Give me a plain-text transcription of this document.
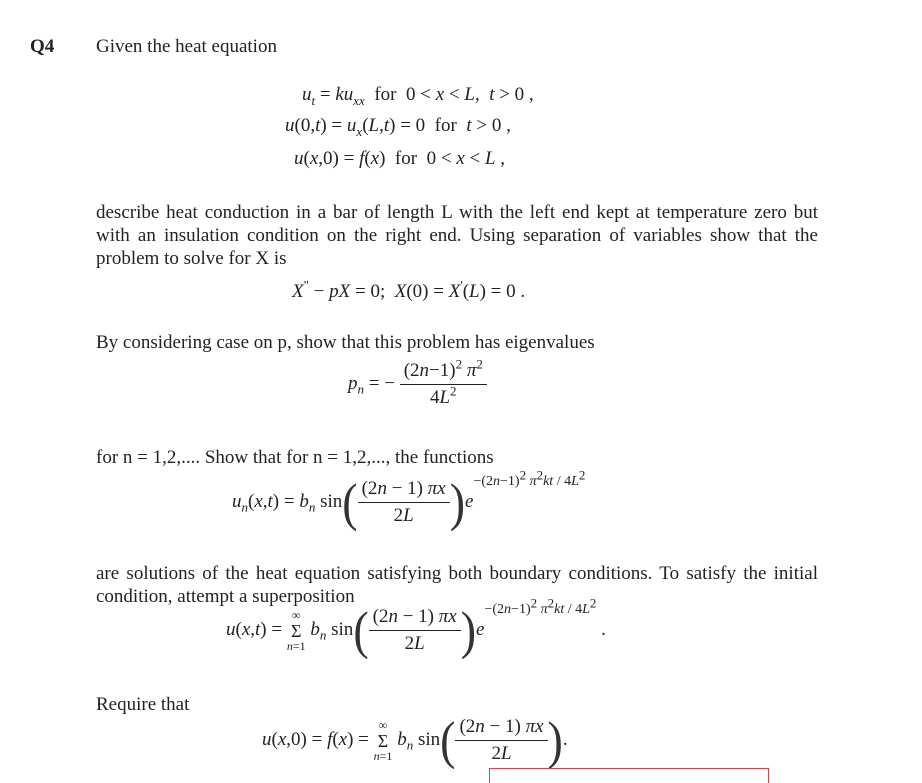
Q4 Given the heat equation
$u_t = ku_{xx}$  for  0 < x < L,  t > 0 ,
$u(0,t) = u_x(L,t) = 0$  for  t > 0 ,
u(x,0) = f(x)  for  0 < x < L ,
describe heat conduction in a bar of length L with the left end kept at temperature zero but with an insulation condition on the right end. Using separation of variables show that the problem to solve for X is
X" − pX = 0;  X(0) = X'(L) = 0 .
By considering case on p, show that this problem has eigenvalues
$p_n$ = − $\frac{(2n-1)^2 \pi^2}{4L^2}$
for n = 1,2,.... Show that for n = 1,2,..., the functions
$u_n(x,t) = b_n$ $\sin( \frac{(2n - 1) \pi x}{2L} )e^{-(2n-1)^2 \pi^2kt / 4L^2}$
are solutions of the heat equation satisfying both boundary conditions. To satisfy the initial condition, attempt a superposition
u(x,t) =
∞
Σ
n=1
$b_n$ $\sin( \frac{(2n - 1) \pi x}{2L} )e^{-(2n-1)^2 \pi^2kt / 4L^2}$ .
Require that
u(x,0) = f(x) =
∞
Σ
n=1
$b_n$ $\sin( \frac{(2n - 1) \pi x}{2L}$ ).
